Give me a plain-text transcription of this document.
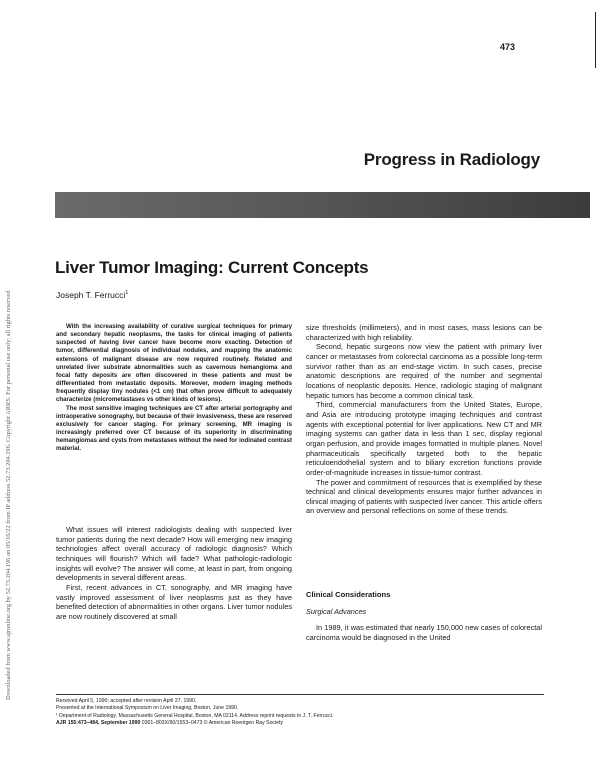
Downloaded from www.ajronline.org by 52.73.204.196 on 05/16/22 from IP address 52.73.204.196. Copyright ARRS. For personal use only; all rights reserved
473
Progress in Radiology
Liver Tumor Imaging: Current Concepts
Joseph T. Ferrucci$^1$

With the increasing availability of curative surgical techniques for primary and secondary hepatic neoplasms, the tasks for clinical imaging of patients suspected of having liver cancer have become more exacting. Detection of tumor, differential diagnosis of individual nodules, and mapping the anatomic extensions of malignant disease are now required routinely. Related and unrelated liver substrate abnormalities such as cavernous hemangioma and focal fatty deposits are often discovered in these patients and must be differentiated from metastatic deposits. Moreover, modern imaging methods frequently display tiny nodules (<1 cm) that often prove difficult to adequately characterize (micrometastases vs other kinds of lesions).

The most sensitive imaging techniques are CT after arterial portography and intraoperative sonography, but because of their invasiveness, these are reserved exclusively for cancer staging. For primary screening, MR imaging is increasingly preferred over CT because of its superiority in discriminating hemangiomas and cysts from metastases without the need for iodinated contrast material.

What issues will interest radiologists dealing with suspected liver tumor patients during the next decade? How will emerging new imaging technologies affect overall accuracy of radiologic diagnosis? Which techniques will flourish? Which will fade? What pathologic-radiologic insights will evolve? The answer will come, at least in part, from ongoing developments in several different areas.

First, recent advances in CT, sonography, and MR imaging have vastly improved assessment of liver neoplasms just as they have benefited detection of abnormalities in other organs. Liver tumor nodules are now routinely discovered at small

size thresholds (millimeters), and in most cases, mass lesions can be characterized with high reliability.

Second, hepatic surgeons now view the patient with primary liver cancer or metastases from colorectal carcinoma as a possible long-term survivor rather than as an end-stage victim. In such cases, precise anatomic descriptions are required of the number and segmental locations of neoplastic deposits. Hence, radiologic staging of malignant hepatic tumors has become a common clinical task.

Third, commercial manufacturers from the United States, Europe, and Asia are introducing prototype imaging techniques and contrast agents with exceptional potential for liver applications. New CT and MR imaging systems can gather data in less than 1 sec, display regional organ perfusion, and provide images formatted in multiple planes. Novel pharmaceuticals specifically targeted both to the hepatic reticuloendothelial system and to biliary excretion functions provide order-of-magnitude increases in tissue-tumor contrast.

The power and commitment of resources that is exemplified by these technical and clinical developments ensures major further advances in clinical imaging of patients with suspected liver cancer. This article offers an overview and personal reflections on some of these trends.

Clinical Considerations
Surgical Advances

In 1989, it was estimated that nearly 150,000 new cases of colorectal carcinoma would be diagnosed in the United

Received April 5, 1990; accepted after revision April 27, 1990.
Presented at the International Symposium on Liver Imaging, Boston, June 1990.
¹ Department of Radiology, Massachusetts General Hospital, Boston, MA 02114. Address reprint requests to J. T. Ferrucci.
AJR 155:473–484, September 1990 0361–803X/90/1553–0473 © American Roentgen Ray Society
